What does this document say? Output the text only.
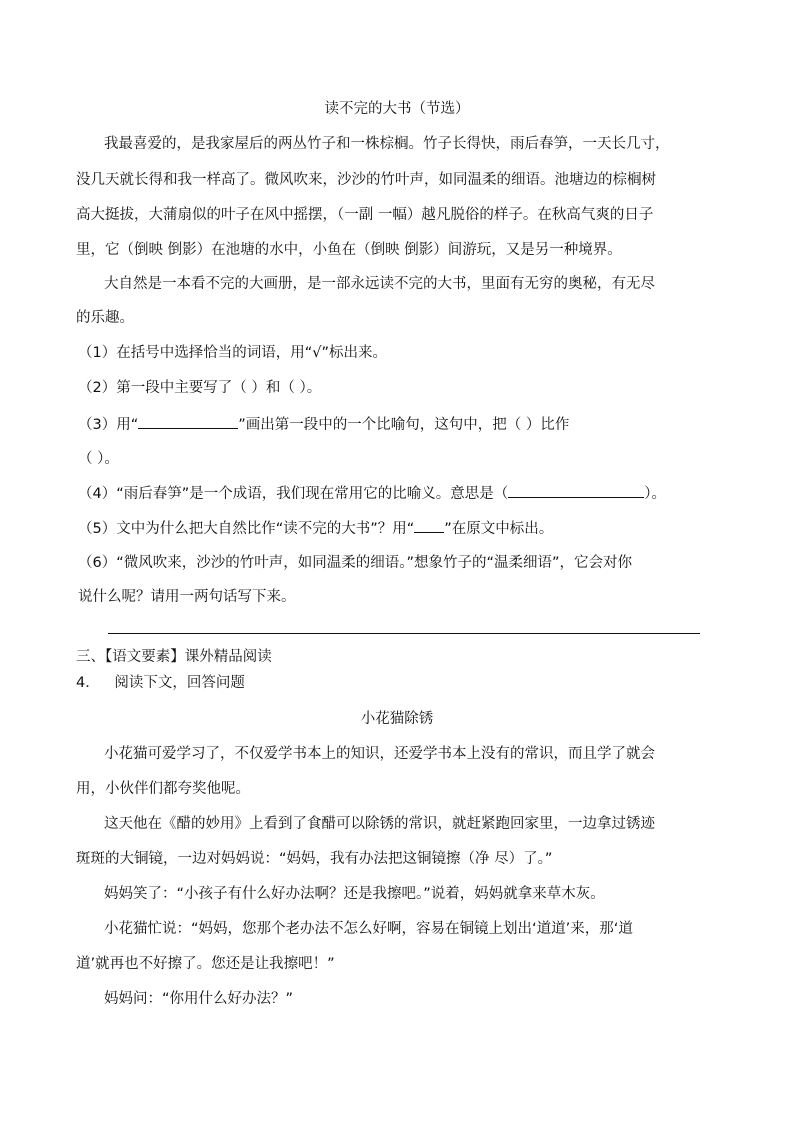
读不完的大书（节选）
我最喜爱的，是我家屋后的两丛竹子和一株棕榈。竹子长得快，雨后春笋，一天长几寸，
没几天就长得和我一样高了。微风吹来，沙沙的竹叶声，如同温柔的细语。池塘边的棕榈树
高大挺拔，大蒲扇似的叶子在风中摇摆，（一副 一幅）越凡脱俗的样子。在秋高气爽的日子
里，它（倒映 倒影）在池塘的水中，小鱼在（倒映 倒影）间游玩，又是另一种境界。
大自然是一本看不完的大画册，是一部永远读不完的大书，里面有无穷的奥秘，有无尽
的乐趣。
（1）在括号中选择恰当的词语，用“√”标出来。
（2）第一段中主要写了（ ）和（ ）。
（3）用“	”画出第一段中的一个比喻句，这句中，把（ ）比作
（ ）。
（4）“雨后春笋”是一个成语，我们现在常用它的比喻义。意思是（	）。
（5）文中为什么把大自然比作“读不完的大书”？用“ ”在原文中标出。
（6）“微风吹来，沙沙的竹叶声，如同温柔的细语。”想象竹子的“温柔细语”，它会对你
说什么呢？请用一两句话写下来。
三、【语文要素】课外精品阅读
4． 阅读下文，回答问题
小花猫除锈
小花猫可爱学习了，不仅爱学书本上的知识，还爱学书本上没有的常识，而且学了就会
用，小伙伴们都夸奖他呢。
这天他在《醋的妙用》上看到了食醋可以除锈的常识，就赶紧跑回家里，一边拿过锈迹
斑斑的大铜镜，一边对妈妈说：“妈妈，我有办法把这铜镜擦（净 尽）了。”
妈妈笑了：“小孩子有什么好办法啊？还是我擦吧。”说着，妈妈就拿来草木灰。
小花猫忙说：“妈妈，您那个老办法不怎么好啊，容易在铜镜上划出‘道道’来，那‘道
道’就再也不好擦了。您还是让我擦吧！”
妈妈问：“你用什么好办法？”
